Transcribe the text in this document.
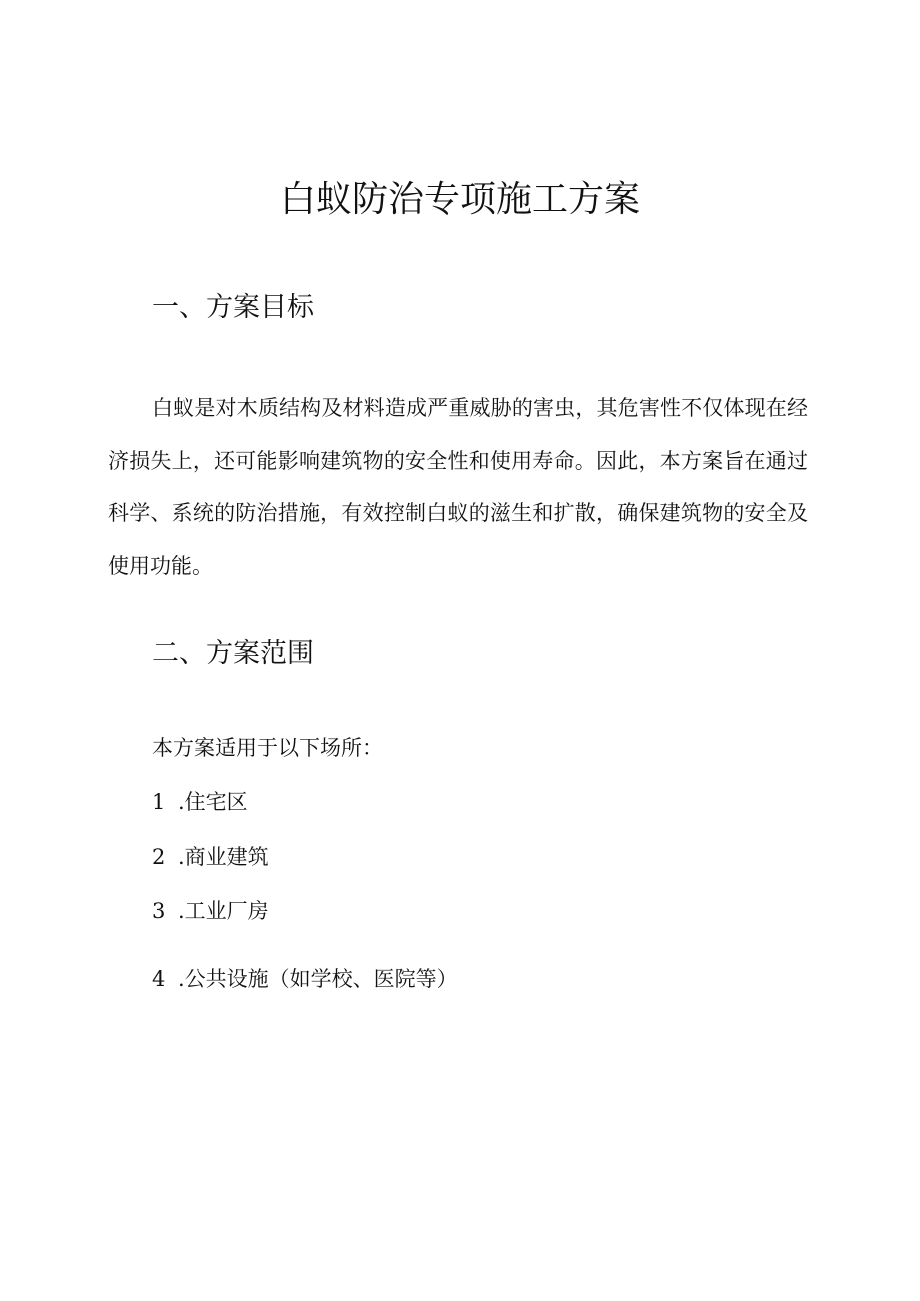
白蚁防治专项施工方案
一、方案目标

白蚁是对木质结构及材料造成严重威胁的害虫，其危害性不仅体现在经济损失上，还可能影响建筑物的安全性和使用寿命。因此，本方案旨在通过科学、系统的防治措施，有效控制白蚁的滋生和扩散，确保建筑物的安全及使用功能。

二、方案范围

本方案适用于以下场所：

1 .住宅区

2 .商业建筑

3 .工业厂房

4 .公共设施（如学校、医院等）
